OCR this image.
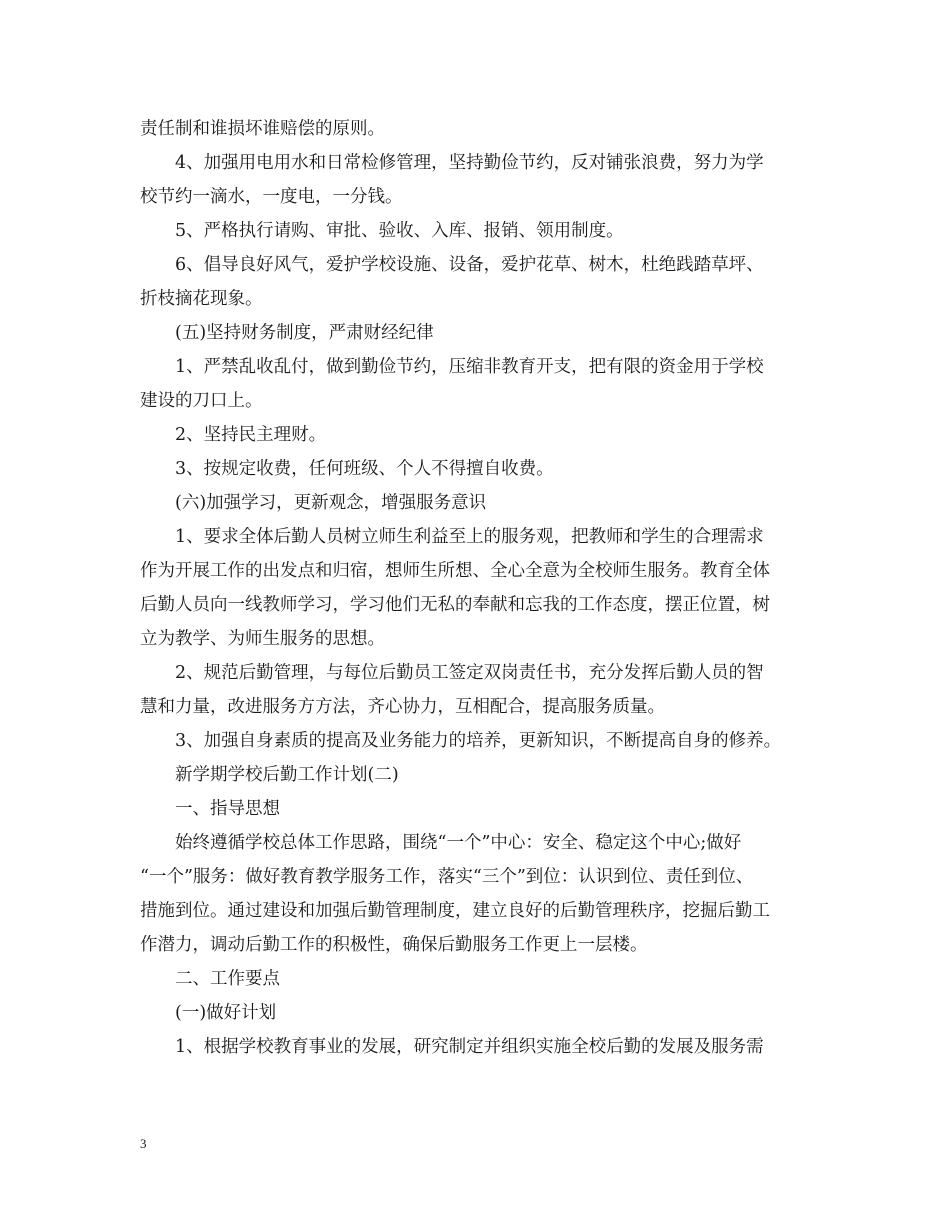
责任制和谁损坏谁赔偿的原则。
4、加强用电用水和日常检修管理，坚持勤俭节约，反对铺张浪费，努力为学
校节约一滴水，一度电，一分钱。
5、严格执行请购、审批、验收、入库、报销、领用制度。
6、倡导良好风气，爱护学校设施、设备，爱护花草、树木，杜绝践踏草坪、
折枝摘花现象。
(五)坚持财务制度，严肃财经纪律
1、严禁乱收乱付，做到勤俭节约，压缩非教育开支，把有限的资金用于学校
建设的刀口上。
2、坚持民主理财。
3、按规定收费，任何班级、个人不得擅自收费。
(六)加强学习，更新观念，增强服务意识
1、要求全体后勤人员树立师生利益至上的服务观，把教师和学生的合理需求
作为开展工作的出发点和归宿，想师生所想、全心全意为全校师生服务。教育全体
后勤人员向一线教师学习，学习他们无私的奉献和忘我的工作态度，摆正位置，树
立为教学、为师生服务的思想。
2、规范后勤管理，与每位后勤员工签定双岗责任书，充分发挥后勤人员的智
慧和力量，改进服务方方法，齐心协力，互相配合，提高服务质量。
3、加强自身素质的提高及业务能力的培养，更新知识，不断提高自身的修养。
新学期学校后勤工作计划(二)
一、指导思想
始终遵循学校总体工作思路，围绕“一个”中心：安全、稳定这个中心;做好
“一个”服务：做好教育教学服务工作，落实“三个”到位：认识到位、责任到位、
措施到位。通过建设和加强后勤管理制度，建立良好的后勤管理秩序，挖掘后勤工
作潜力，调动后勤工作的积极性，确保后勤服务工作更上一层楼。
二、工作要点
(一)做好计划
1、根据学校教育事业的发展，研究制定并组织实施全校后勤的发展及服务需
3
